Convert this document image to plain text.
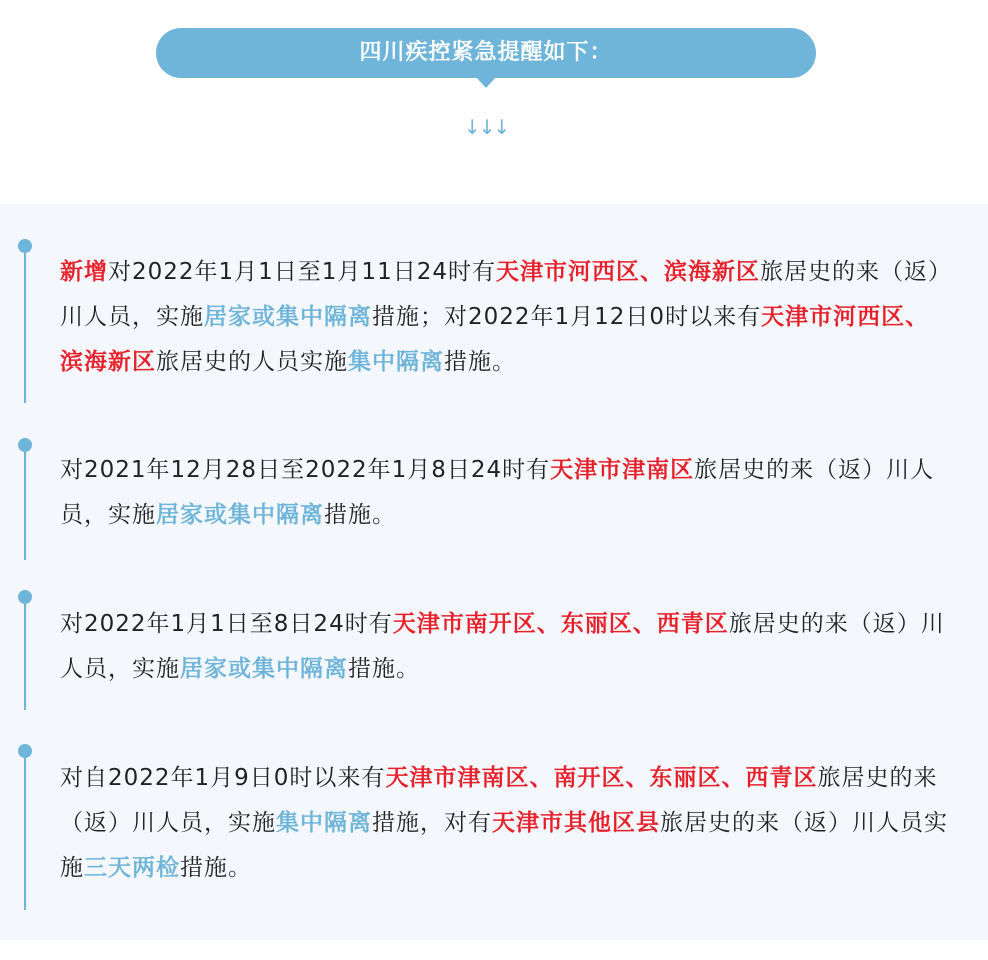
四川疾控紧急提醒如下：
↓↓↓

新增对2022年1月1日至1月11日24时有天津市河西区、滨海新区旅居史的来（返）川人员，实施居家或集中隔离措施；对2022年1月12日0时以来有天津市河西区、滨海新区旅居史的人员实施集中隔离措施。

对2021年12月28日至2022年1月8日24时有天津市津南区旅居史的来（返）川人员，实施居家或集中隔离措施。

对2022年1月1日至8日24时有天津市南开区、东丽区、西青区旅居史的来（返）川人员，实施居家或集中隔离措施。

对自2022年1月9日0时以来有天津市津南区、南开区、东丽区、西青区旅居史的来（返）川人员，实施集中隔离措施，对有天津市其他区县旅居史的来（返）川人员实施三天两检措施。
